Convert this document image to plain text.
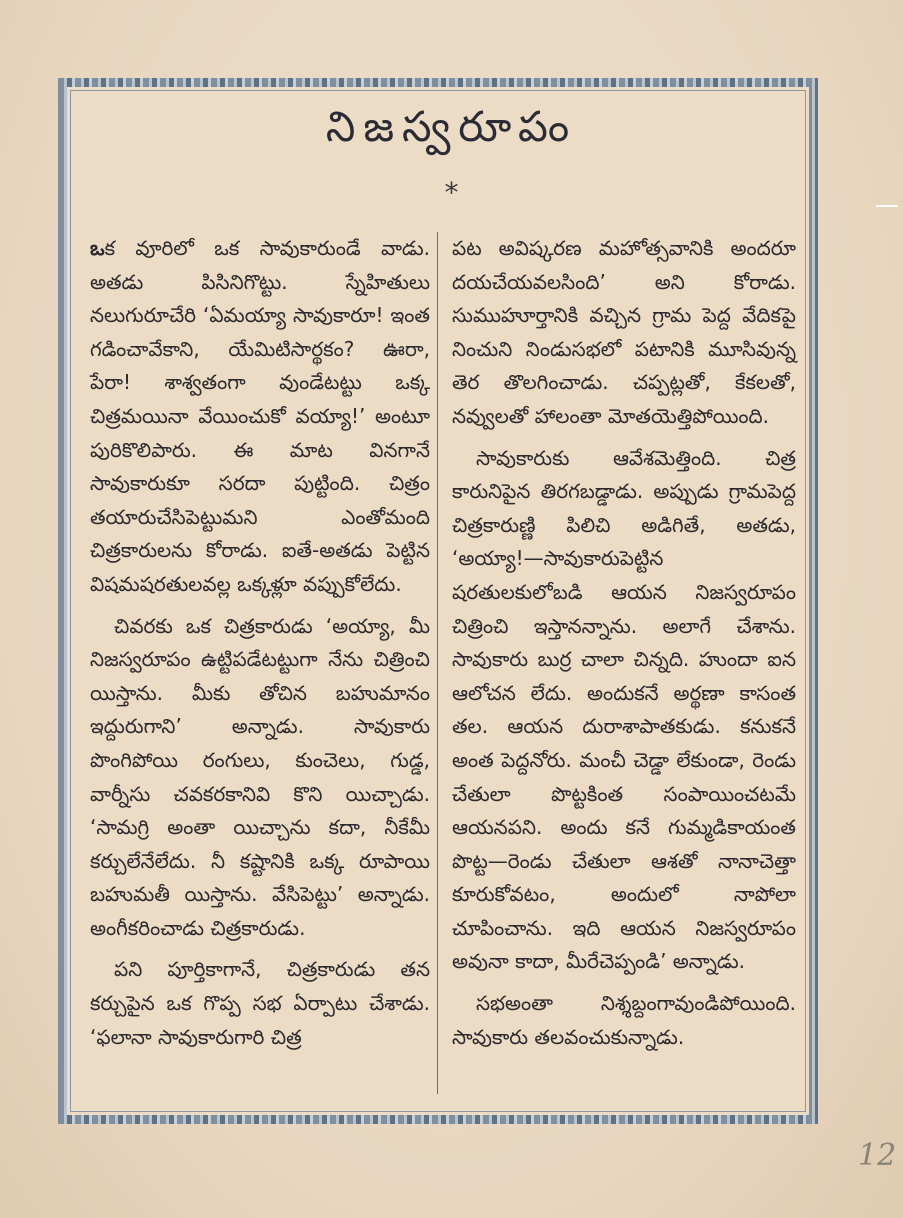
నిజస్వరూపం
*

ఒక వూరిలో ఒక సావుకారుండే వాడు. అతడు పిసినిగొట్టు. స్నేహితులు నలుగురూచేరి ‘ఏమయ్యా సావుకారూ! ఇంత గడించావేకాని, యేమిటిసార్థకం? ఊరా, పేరా! శాశ్వతంగా వుండేటట్టు ఒక్క చిత్రమయినా వేయించుకో వయ్యా!’ అంటూ పురికొలిపారు. ఈ మాట వినగానే సావుకారుకూ సరదా పుట్టింది. చిత్రం తయారుచేసిపెట్టుమని ఎంతోమంది చిత్రకారులను కోరాడు. ఐతే-అతడు పెట్టిన విషమషరతులవల్ల ఒక్కళ్లూ వప్పుకోలేదు.

చివరకు ఒక చిత్రకారుడు ‘అయ్యా, మీ నిజస్వరూపం ఉట్టిపడేటట్టుగా నేను చిత్రించి యిస్తాను. మీకు తోచిన బహుమానం ఇద్దురుగాని’ అన్నాడు. సావుకారు పొంగిపోయి రంగులు, కుంచెలు, గుడ్డ, వార్నీసు చవకరకానివి కొని యిచ్చాడు. ‘సామగ్రి అంతా యిచ్చాను కదా, నీకేమీ కర్చులేనేలేదు. నీ కష్టానికి ఒక్క రూపాయి బహుమతీ యిస్తాను. వేసిపెట్టు’ అన్నాడు. అంగీకరించాడు చిత్రకారుడు.

పని పూర్తికాగానే, చిత్రకారుడు తన కర్చుపైన ఒక గొప్ప సభ ఏర్పాటు చేశాడు. ‘ఫలానా సావుకారుగారి చిత్ర

పట అవిష్కరణ మహోత్సవానికి అందరూ దయచేయవలసింది’ అని కోరాడు. సుముహూర్తానికి వచ్చిన గ్రామ పెద్ద వేదికపై నించుని నిండుసభలో పటానికి మూసివున్న తెర తొలగించాడు. చప్పట్లతో, కేకలతో, నవ్వులతో హాలంతా మోతయెత్తిపోయింది.

సావుకారుకు ఆవేశమెత్తింది. చిత్ర కారునిపైన తిరగబడ్డాడు. అప్పుడు గ్రామపెద్ద చిత్రకారుణ్ణి పిలిచి అడిగితే, అతడు, ‘అయ్యా!—సావుకారుపెట్టిన షరతులకులోబడి ఆయన నిజస్వరూపం చిత్రించి ఇస్తానన్నాను. అలాగే చేశాను. సావుకారు బుర్ర చాలా చిన్నది. హుందా ఐన ఆలోచన లేదు. అందుకనే అర్థణా కాసంత తల. ఆయన దురాశాపాతకుడు. కనుకనే అంత పెద్దనోరు. మంచీ చెడ్డా లేకుండా, రెండు చేతులా పొట్టకింత సంపాయించటమే ఆయనపని. అందు కనే గుమ్మడికాయంత పొట్ట—రెండు చేతులా ఆశతో నానాచెత్తా కూరుకోవటం, అందులో నాపోలా చూపించాను. ఇది ఆయన నిజస్వరూపం అవునా కాదా, మీరేచెప్పండి’ అన్నాడు.

సభఅంతా నిశ్శబ్దంగావుండిపోయింది. సావుకారు తలవంచుకున్నాడు.

12
